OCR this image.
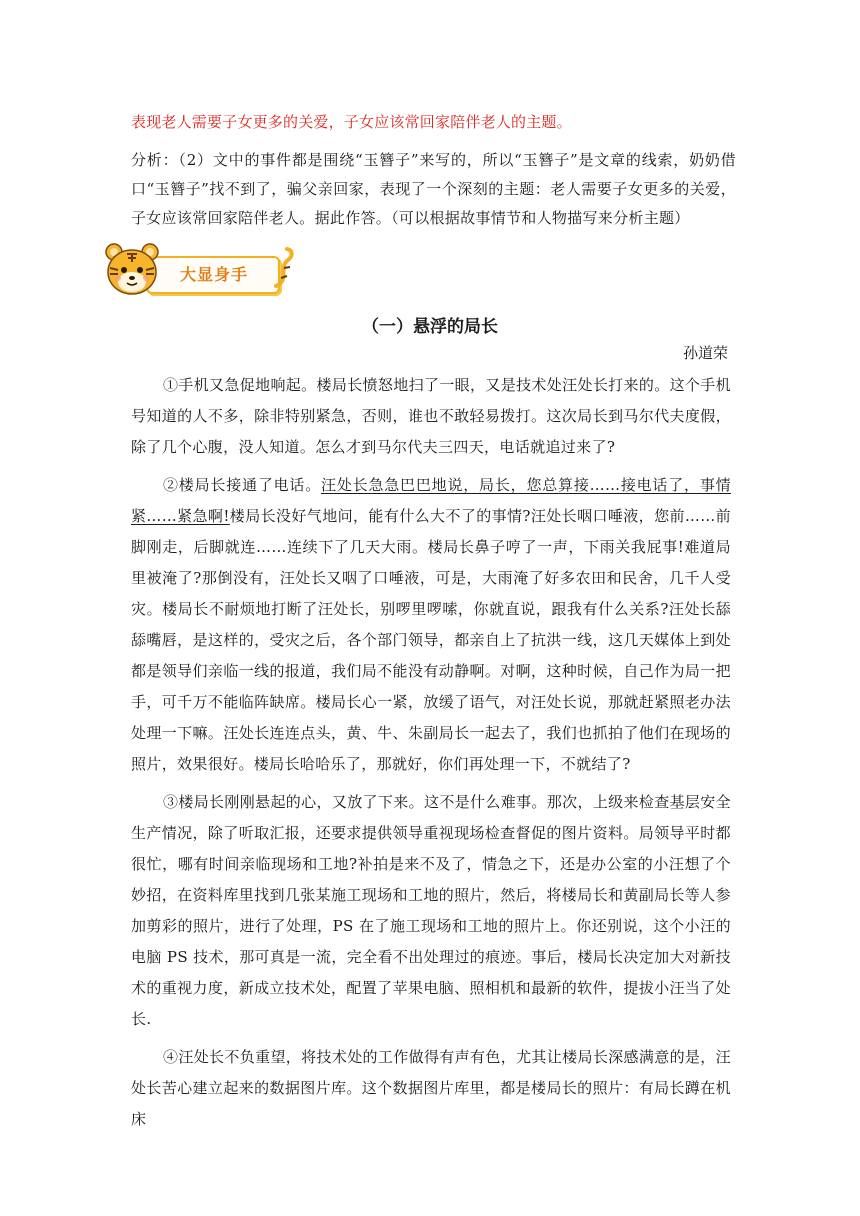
表现老人需要子女更多的关爱，子女应该常回家陪伴老人的主题。
分析：（2）文中的事件都是围绕“玉簪子”来写的，所以“玉簪子”是文章的线索，奶奶借口“玉簪子”找不到了，骗父亲回家，表现了一个深刻的主题：老人需要子女更多的关爱，子女应该常回家陪伴老人。据此作答。（可以根据故事情节和人物描写来分析主题）
大显身手
（一）悬浮的局长
孙道荣

①手机又急促地响起。楼局长愤怒地扫了一眼，又是技术处汪处长打来的。这个手机号知道的人不多，除非特别紧急，否则，谁也不敢轻易拨打。这次局长到马尔代夫度假，除了几个心腹，没人知道。怎么才到马尔代夫三四天，电话就追过来了?

②楼局长接通了电话。汪处长急急巴巴地说，局长，您总算接……接电话了，事情紧……紧急啊!楼局长没好气地问，能有什么大不了的事情?汪处长咽口唾液，您前……前脚刚走，后脚就连……连续下了几天大雨。楼局长鼻子哼了一声，下雨关我屁事!难道局里被淹了?那倒没有，汪处长又咽了口唾液，可是，大雨淹了好多农田和民舍，几千人受灾。楼局长不耐烦地打断了汪处长，别啰里啰嗦，你就直说，跟我有什么关系?汪处长舔舔嘴唇，是这样的，受灾之后，各个部门领导，都亲自上了抗洪一线，这几天媒体上到处都是领导们亲临一线的报道，我们局不能没有动静啊。对啊，这种时候，自己作为局一把手，可千万不能临阵缺席。楼局长心一紧，放缓了语气，对汪处长说，那就赶紧照老办法处理一下嘛。汪处长连连点头，黄、牛、朱副局长一起去了，我们也抓拍了他们在现场的照片，效果很好。楼局长哈哈乐了，那就好，你们再处理一下，不就结了?

③楼局长刚刚悬起的心，又放了下来。这不是什么难事。那次，上级来检查基层安全生产情况，除了听取汇报，还要求提供领导重视现场检查督促的图片资料。局领导平时都很忙，哪有时间亲临现场和工地?补拍是来不及了，情急之下，还是办公室的小汪想了个妙招，在资料库里找到几张某施工现场和工地的照片，然后，将楼局长和黄副局长等人参加剪彩的照片，进行了处理，PS 在了施工现场和工地的照片上。你还别说，这个小汪的电脑 PS 技术，那可真是一流，完全看不出处理过的痕迹。事后，楼局长决定加大对新技术的重视力度，新成立技术处，配置了苹果电脑、照相机和最新的软件，提拔小汪当了处长.

④汪处长不负重望，将技术处的工作做得有声有色，尤其让楼局长深感满意的是，汪处长苦心建立起来的数据图片库。这个数据图片库里，都是楼局长的照片：有局长蹲在机床
